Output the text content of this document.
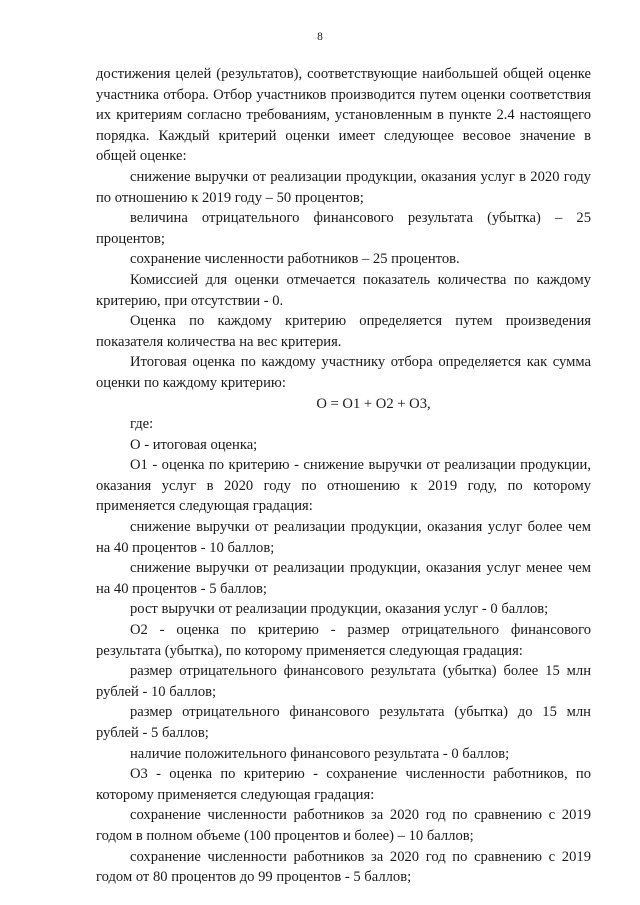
8

достижения целей (результатов), соответствующие наибольшей общей оценке участника отбора. Отбор участников производится путем оценки соответствия их критериям согласно требованиям, установленным в пункте 2.4 настоящего порядка. Каждый критерий оценки имеет следующее весовое значение в общей оценке:

снижение выручки от реализации продукции, оказания услуг в 2020 году по отношению к 2019 году – 50 процентов;

величина отрицательного финансового результата (убытка) – 25 процентов;

сохранение численности работников – 25 процентов.

Комиссией для оценки отмечается показатель количества по каждому критерию, при отсутствии - 0.

Оценка по каждому критерию определяется путем произведения показателя количества на вес критерия.

Итоговая оценка по каждому участнику отбора определяется как сумма оценки по каждому критерию:

О = О1 + О2 + О3,

где:

О - итоговая оценка;

О1 - оценка по критерию - снижение выручки от реализации продукции, оказания услуг в 2020 году по отношению к 2019 году, по которому применяется следующая градация:

снижение выручки от реализации продукции, оказания услуг более чем на 40 процентов - 10 баллов;

снижение выручки от реализации продукции, оказания услуг менее чем на 40 процентов - 5 баллов;

рост выручки от реализации продукции, оказания услуг - 0 баллов;

О2 - оценка по критерию - размер отрицательного финансового результата (убытка), по которому применяется следующая градация:

размер отрицательного финансового результата (убытка) более 15 млн рублей - 10 баллов;

размер отрицательного финансового результата (убытка) до 15 млн рублей - 5 баллов;

наличие положительного финансового результата - 0 баллов;

О3 - оценка по критерию - сохранение численности работников, по которому применяется следующая градация:

сохранение численности работников за 2020 год по сравнению с 2019 годом в полном объеме (100 процентов и более) – 10 баллов;

сохранение численности работников за 2020 год по сравнению с 2019 годом от 80 процентов до 99 процентов - 5 баллов;
